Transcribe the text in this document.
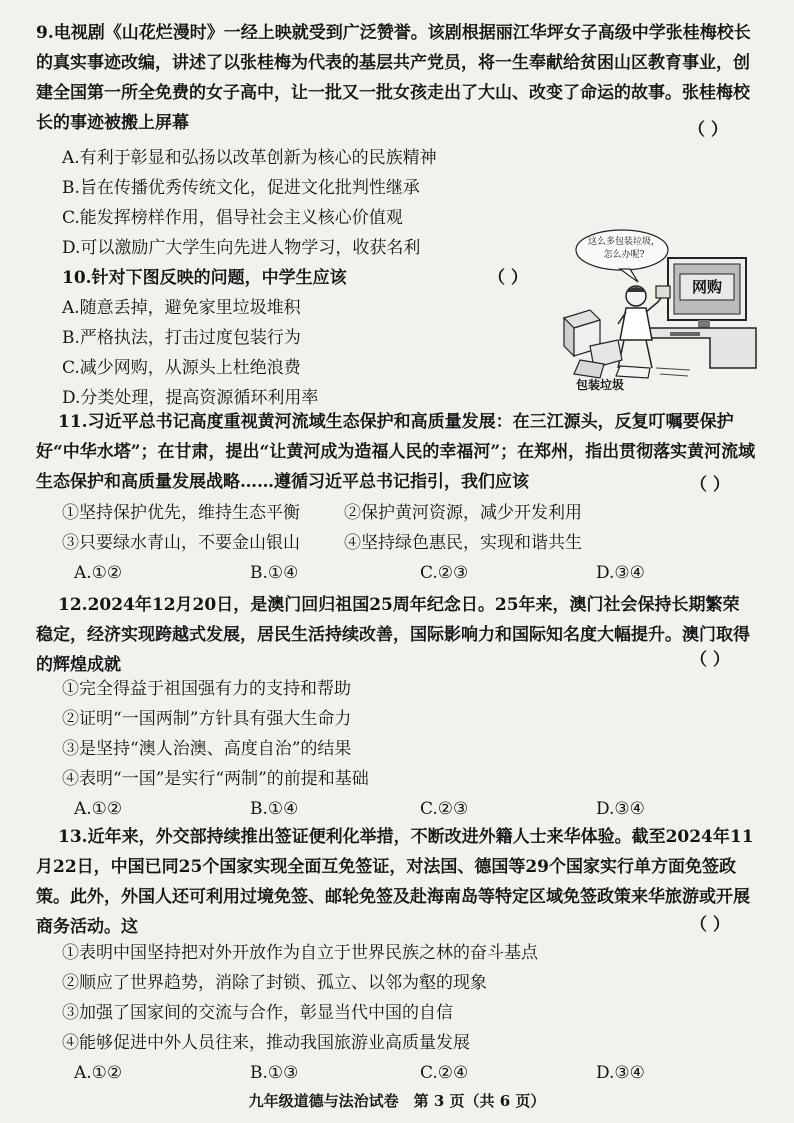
9.电视剧《山花烂漫时》一经上映就受到广泛赞誉。该剧根据丽江华坪女子高级中学张桂梅校长的真实事迹改编，讲述了以张桂梅为代表的基层共产党员，将一生奉献给贫困山区教育事业，创建全国第一所全免费的女子高中，让一批又一批女孩走出了大山、改变了命运的故事。张桂梅校长的事迹被搬上屏幕	（ ）
A.有利于彰显和弘扬以改革创新为核心的民族精神
B.旨在传播优秀传统文化，促进文化批判性继承
C.能发挥榜样作用，倡导社会主义核心价值观
D.可以激励广大学生向先进人物学习，收获名利
10.针对下图反映的问题，中学生应该	（ ）
A.随意丢掉，避免家里垃圾堆积
B.严格执法，打击过度包装行为
C.减少网购，从源头上杜绝浪费
D.分类处理，提高资源循环利用率
这么多包装垃圾，怎么办呢?
网购
包装垃圾
11.习近平总书记高度重视黄河流域生态保护和高质量发展：在三江源头，反复叮嘱要保护好“中华水塔”；在甘肃，提出“让黄河成为造福人民的幸福河”；在郑州，指出贯彻落实黄河流域生态保护和高质量发展战略……遵循习近平总书记指引，我们应该	（ ）
①坚持保护优先，维持生态平衡	②保护黄河资源，减少开发利用
③只要绿水青山，不要金山银山	④坚持绿色惠民，实现和谐共生
A.①②	B.①④	C.②③	D.③④
12.2024年12月20日，是澳门回归祖国25周年纪念日。25年来，澳门社会保持长期繁荣稳定，经济实现跨越式发展，居民生活持续改善，国际影响力和国际知名度大幅提升。澳门取得的辉煌成就	（ ）
①完全得益于祖国强有力的支持和帮助
②证明“一国两制”方针具有强大生命力
③是坚持“澳人治澳、高度自治”的结果
④表明“一国”是实行“两制”的前提和基础
A.①②	B.①④	C.②③	D.③④
13.近年来，外交部持续推出签证便利化举措，不断改进外籍人士来华体验。截至2024年11月22日，中国已同25个国家实现全面互免签证，对法国、德国等29个国家实行单方面免签政策。此外，外国人还可利用过境免签、邮轮免签及赴海南岛等特定区域免签政策来华旅游或开展商务活动。这	（ ）
①表明中国坚持把对外开放作为自立于世界民族之林的奋斗基点
②顺应了世界趋势，消除了封锁、孤立、以邻为壑的现象
③加强了国家间的交流与合作，彰显当代中国的自信
④能够促进中外人员往来，推动我国旅游业高质量发展
A.①②	B.①③	C.②④	D.③④
九年级道德与法治试卷　第 3 页（共 6 页）
